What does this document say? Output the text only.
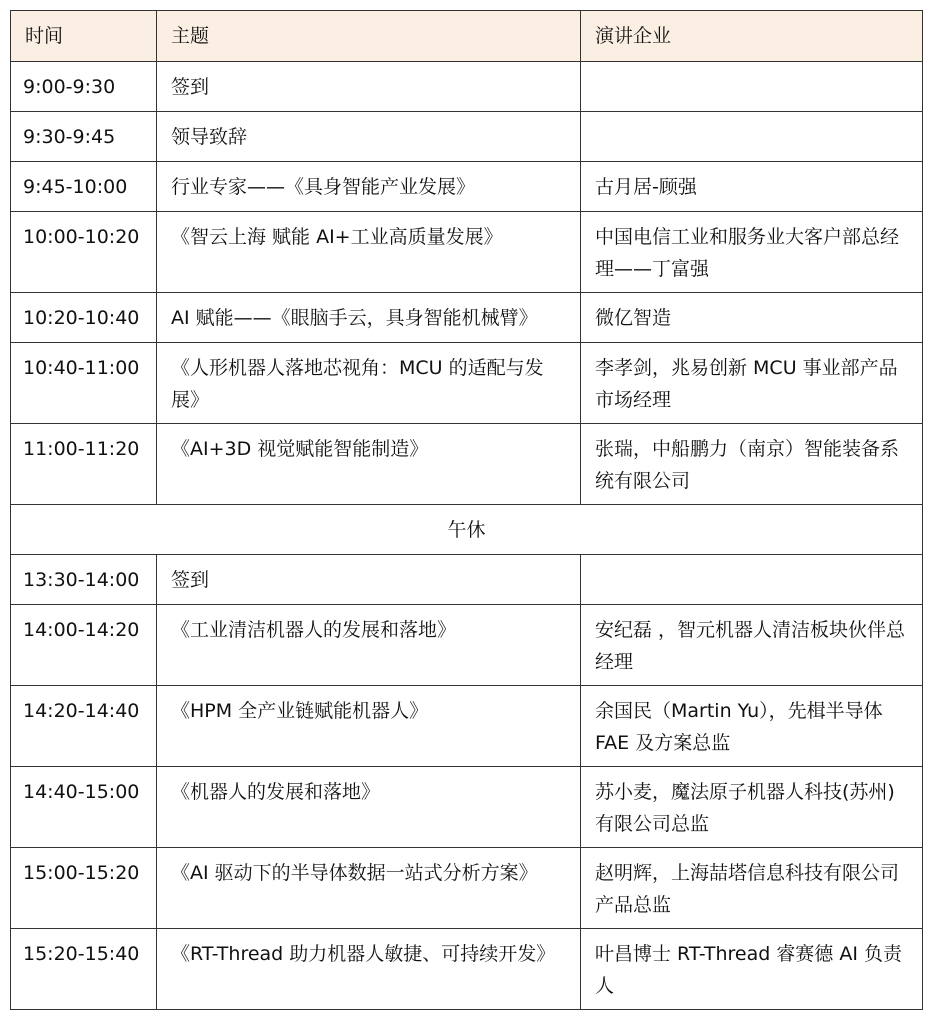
时间	主题	演讲企业
9:00-9:30	签到	
9:30-9:45	领导致辞	
9:45-10:00	行业专家——《具身智能产业发展》	古月居-顾强
10:00-10:20	《智云上海 赋能 AI+工业高质量发展》	中国电信工业和服务业大客户部总经理——丁富强
10:20-10:40	AI 赋能——《眼脑手云，具身智能机械臂》	微亿智造
10:40-11:00	《人形机器人落地芯视角：MCU 的适配与发展》	李孝剑，兆易创新 MCU 事业部产品市场经理
11:00-11:20	《AI+3D 视觉赋能智能制造》	张瑞，中船鹏力（南京）智能装备系统有限公司
午休		
13:30-14:00	签到	
14:00-14:20	《工业清洁机器人的发展和落地》	安纪磊 ，智元机器人清洁板块伙伴总经理
14:20-14:40	《HPM 全产业链赋能机器人》	余国民（Martin Yu），先楫半导体 FAE 及方案总监
14:40-15:00	《机器人的发展和落地》	苏小麦，魔法原子机器人科技(苏州)有限公司总监
15:00-15:20	《AI 驱动下的半导体数据一站式分析方案》	赵明辉，上海喆塔信息科技有限公司 产品总监
15:20-15:40	《RT-Thread 助力机器人敏捷、可持续开发》	叶昌博士 RT-Thread 睿赛德 AI 负责人
